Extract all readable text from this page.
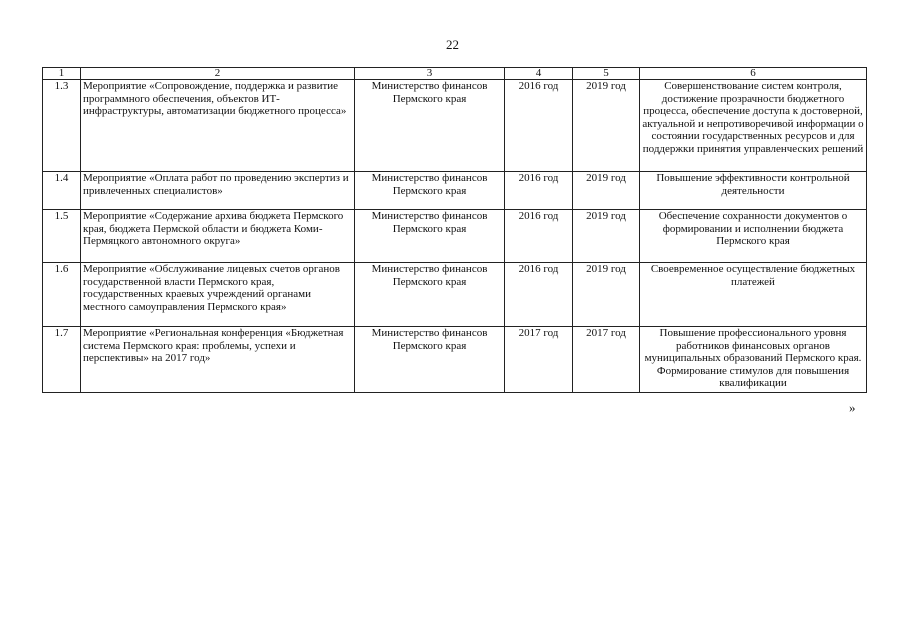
22
1	2	3	4	5	6
1.3	Мероприятие «Сопровождение, поддержка и развитие программного обеспечения, объектов ИТ-инфраструктуры, автоматизации бюджетного процесса»	Министерство финансов Пермского края	2016 год	2019 год	Совершенствование систем контроля, достижение прозрачности бюджетного процесса, обеспечение доступа к достоверной, актуальной и непротиворечивой информации о состоянии государственных ресурсов и для поддержки принятия управленческих решений
1.4	Мероприятие «Оплата работ по проведению экспертиз и привлеченных специалистов»	Министерство финансов Пермского края	2016 год	2019 год	Повышение эффективности контрольной деятельности
1.5	Мероприятие «Содержание архива бюджета Пермского края, бюджета Пермской области и бюджета Коми-Пермяцкого автономного округа»	Министерство финансов Пермского края	2016 год	2019 год	Обеспечение сохранности документов о формировании и исполнении бюджета Пермского края
1.6	Мероприятие «Обслуживание лицевых счетов органов государственной власти Пермского края, государственных краевых учреждений органами местного самоуправления Пермского края»	Министерство финансов Пермского края	2016 год	2019 год	Своевременное осуществление бюджетных платежей
1.7	Мероприятие «Региональная конференция «Бюджетная система Пермского края: проблемы, успехи и перспективы» на 2017 год»	Министерство финансов Пермского края	2017 год	2017 год	Повышение профессионального уровня работников финансовых органов муниципальных образований Пермского края. Формирование стимулов для повышения квалификации
»
